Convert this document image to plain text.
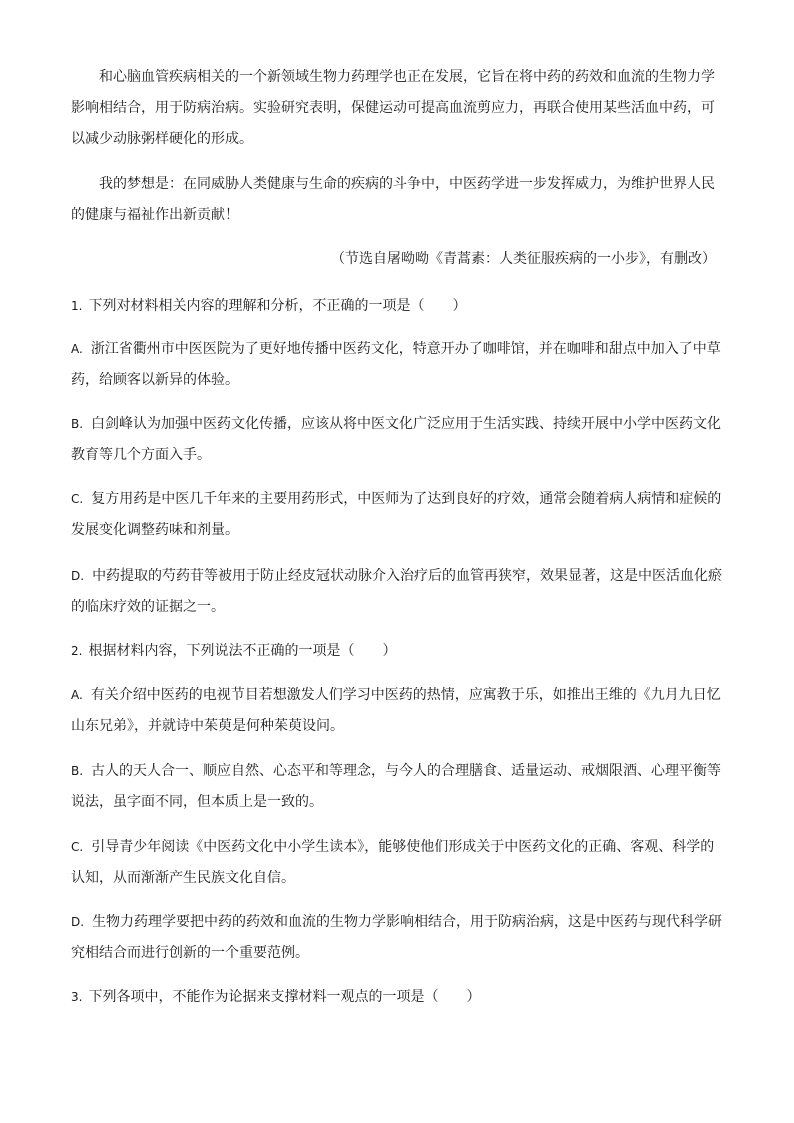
和心脑血管疾病相关的一个新领域生物力药理学也正在发展，它旨在将中药的药效和血流的生物力学影响相结合，用于防病治病。实验研究表明，保健运动可提高血流剪应力，再联合使用某些活血中药，可以减少动脉粥样硬化的形成。

我的梦想是：在同威胁人类健康与生命的疾病的斗争中，中医药学进一步发挥威力，为维护世界人民的健康与福祉作出新贡献！

（节选自屠呦呦《青蒿素：人类征服疾病的一小步》，有删改）
1. 下列对材料相关内容的理解和分析，不正确的一项是（　　）
A. 浙江省衢州市中医医院为了更好地传播中医药文化，特意开办了咖啡馆，并在咖啡和甜点中加入了中草药，给顾客以新异的体验。
B. 白剑峰认为加强中医药文化传播，应该从将中医文化广泛应用于生活实践、持续开展中小学中医药文化教育等几个方面入手。
C. 复方用药是中医几千年来的主要用药形式，中医师为了达到良好的疗效，通常会随着病人病情和症候的发展变化调整药味和剂量。
D. 中药提取的芍药苷等被用于防止经皮冠状动脉介入治疗后的血管再狭窄，效果显著，这是中医活血化瘀的临床疗效的证据之一。
2. 根据材料内容，下列说法不正确的一项是（　　）
A. 有关介绍中医药的电视节目若想激发人们学习中医药的热情，应寓教于乐，如推出王维的《九月九日忆山东兄弟》，并就诗中茱萸是何种茱萸设问。
B. 古人的天人合一、顺应自然、心态平和等理念，与今人的合理膳食、适量运动、戒烟限酒、心理平衡等说法，虽字面不同，但本质上是一致的。
C. 引导青少年阅读《中医药文化中小学生读本》，能够使他们形成关于中医药文化的正确、客观、科学的认知，从而渐渐产生民族文化自信。
D. 生物力药理学要把中药的药效和血流的生物力学影响相结合，用于防病治病，这是中医药与现代科学研究相结合而进行创新的一个重要范例。
3. 下列各项中，不能作为论据来支撑材料一观点的一项是（　　）
